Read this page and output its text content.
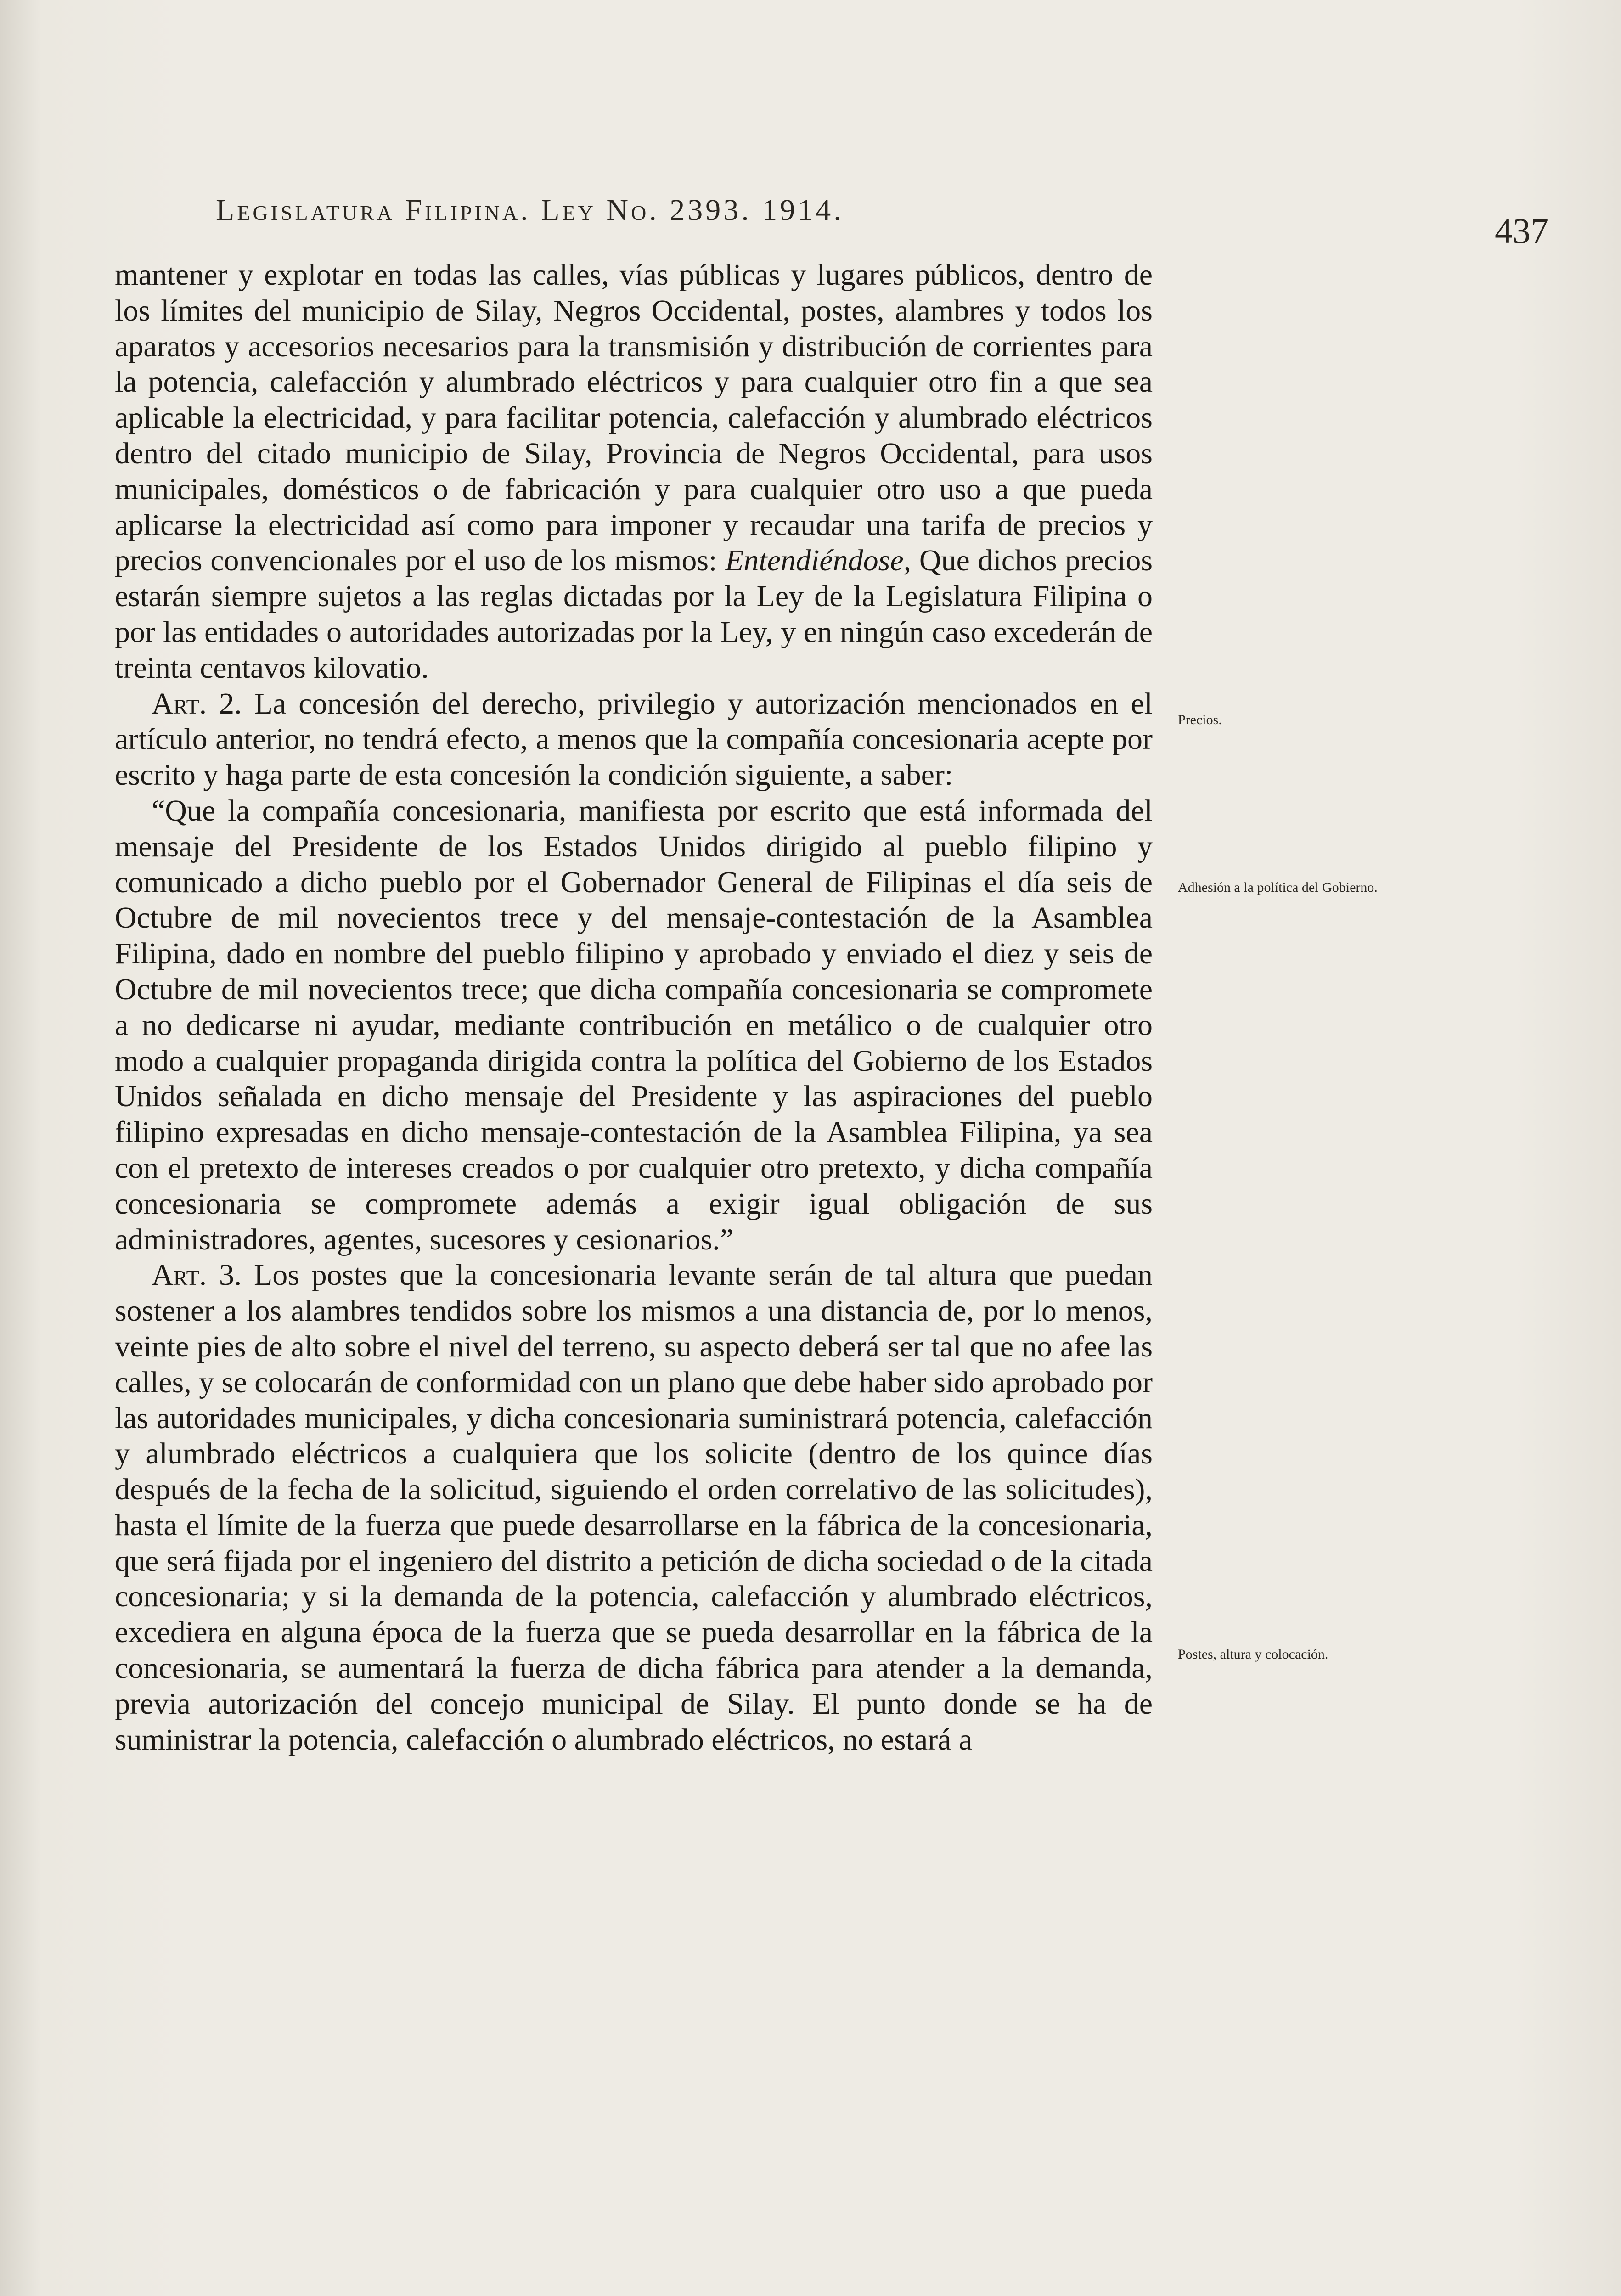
Legislatura Filipina. Ley No. 2393. 1914.
437

mantener y explotar en todas las calles, vías públicas y lugares públicos, dentro de los límites del municipio de Silay, Negros Occidental, postes, alambres y todos los aparatos y accesorios necesarios para la transmisión y distribución de corrientes para la potencia, calefacción y alumbrado eléctricos y para cualquier otro fin a que sea aplicable la electricidad, y para facilitar potencia, calefacción y alumbrado eléctricos dentro del citado municipio de Silay, Provincia de Negros Occidental, para usos municipales, domésticos o de fabricación y para cualquier otro uso a que pueda aplicarse la electricidad así como para imponer y recaudar una tarifa de precios y precios convencionales por el uso de los mismos: Entendiéndose, Que dichos precios estarán siempre sujetos a las reglas dictadas por la Ley de la Legislatura Filipina o por las entidades o autoridades autorizadas por la Ley, y en ningún caso excederán de treinta centavos kilovatio.

Art. 2. La concesión del derecho, privilegio y autorización mencionados en el artículo anterior, no tendrá efecto, a menos que la compañía concesionaria acepte por escrito y haga parte de esta concesión la condición siguiente, a saber:

“Que la compañía concesionaria, manifiesta por escrito que está informada del mensaje del Presidente de los Estados Unidos dirigido al pueblo filipino y comunicado a dicho pueblo por el Gobernador General de Filipinas el día seis de Octubre de mil novecientos trece y del mensaje-contestación de la Asamblea Filipina, dado en nombre del pueblo filipino y aprobado y enviado el diez y seis de Octubre de mil novecientos trece; que dicha compañía concesionaria se compromete a no dedicarse ni ayudar, mediante contribución en metálico o de cualquier otro modo a cualquier propaganda dirigida contra la política del Gobierno de los Estados Unidos señalada en dicho mensaje del Presidente y las aspiraciones del pueblo filipino expresadas en dicho mensaje-contestación de la Asamblea Filipina, ya sea con el pretexto de intereses creados o por cualquier otro pretexto, y dicha compañía concesionaria se compromete además a exigir igual obligación de sus administradores, agentes, sucesores y cesionarios.”

Art. 3. Los postes que la concesionaria levante serán de tal altura que puedan sostener a los alambres tendidos sobre los mismos a una distancia de, por lo menos, veinte pies de alto sobre el nivel del terreno, su aspecto deberá ser tal que no afee las calles, y se colocarán de conformidad con un plano que debe haber sido aprobado por las autoridades municipales, y dicha concesionaria suministrará potencia, calefacción y alumbrado eléctricos a cualquiera que los solicite (dentro de los quince días después de la fecha de la solicitud, siguiendo el orden correlativo de las solicitudes), hasta el límite de la fuerza que puede desarrollarse en la fábrica de la concesionaria, que será fijada por el ingeniero del distrito a petición de dicha sociedad o de la citada concesionaria; y si la demanda de la potencia, calefacción y alumbrado eléctricos, excediera en alguna época de la fuerza que se pueda desarrollar en la fábrica de la concesionaria, se aumentará la fuerza de dicha fábrica para atender a la demanda, previa autorización del concejo municipal de Silay. El punto donde se ha de suministrar la potencia, calefacción o alumbrado eléctricos, no estará a

Precios.
Adhesión a la política del Gobierno.
Postes, altura y colocación.
